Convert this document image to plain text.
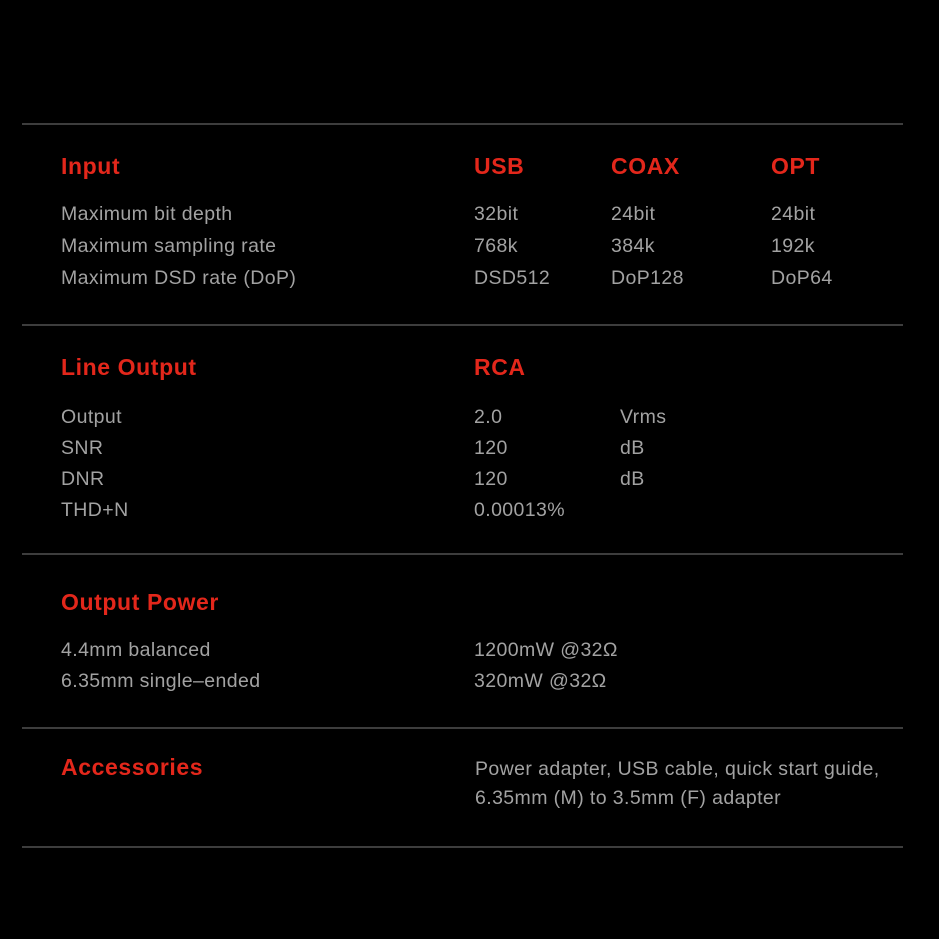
Input	USB	COAX	OPT
Maximum bit depth	32bit	24bit	24bit
Maximum sampling rate	768k	384k	192k
Maximum DSD rate (DoP)	DSD512	DoP128	DoP64
Line Output	RCA
Output	2.0	Vrms
SNR	120	dB
DNR	120	dB
THD+N	0.00013%
Output Power
4.4mm balanced	1200mW @32Ω
6.35mm single–ended	320mW @32Ω
Accessories	Power adapter, USB cable, quick start guide,
6.35mm (M) to 3.5mm (F) adapter
